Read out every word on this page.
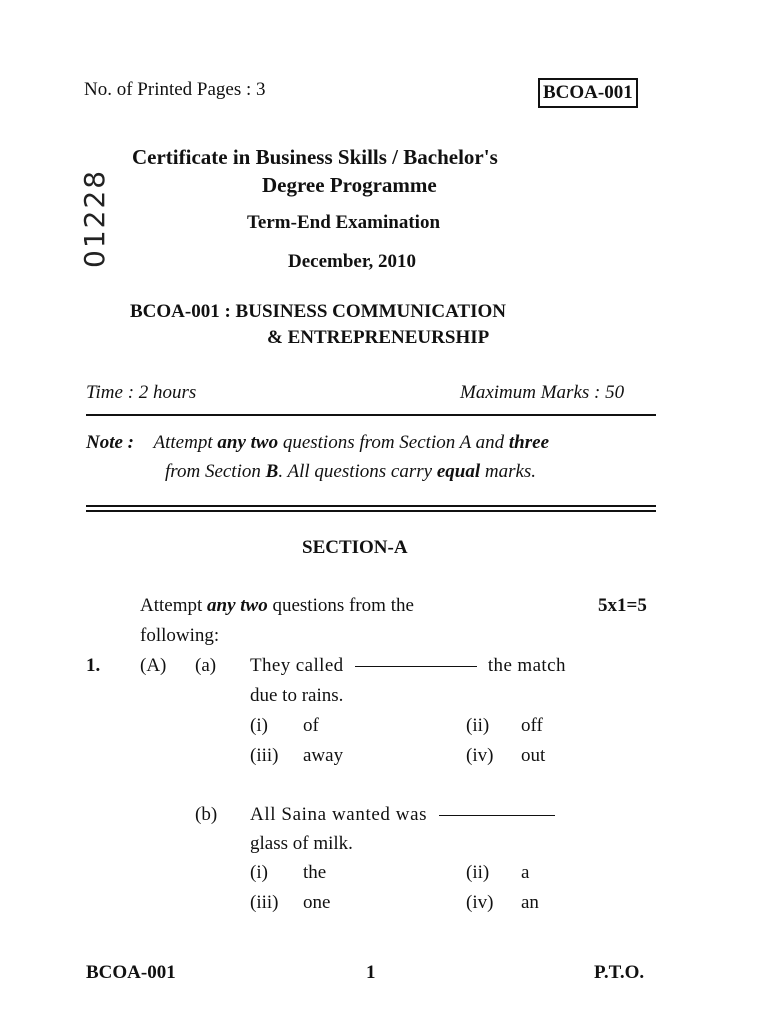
No. of Printed Pages : 3	BCOA-001
01228
Certificate in Business Skills / Bachelor's
Degree Programme
Term-End Examination
December, 2010
BCOA-001 : BUSINESS COMMUNICATION
& ENTREPRENEURSHIP
Time : 2 hours	Maximum Marks : 50
Note : Attempt any two questions from Section A and three
from Section B. All questions carry equal marks.
SECTION-A
Attempt any two questions from the
following:
5x1=5
1. (A) (a) They called	the match
due to rains.
(i) of	(ii) off
(iii) away	(iv) out
(b) All Saina wanted was
glass of milk.
(i) the	(ii) a
(iii) one	(iv) an
BCOA-001	1	P.T.O.
